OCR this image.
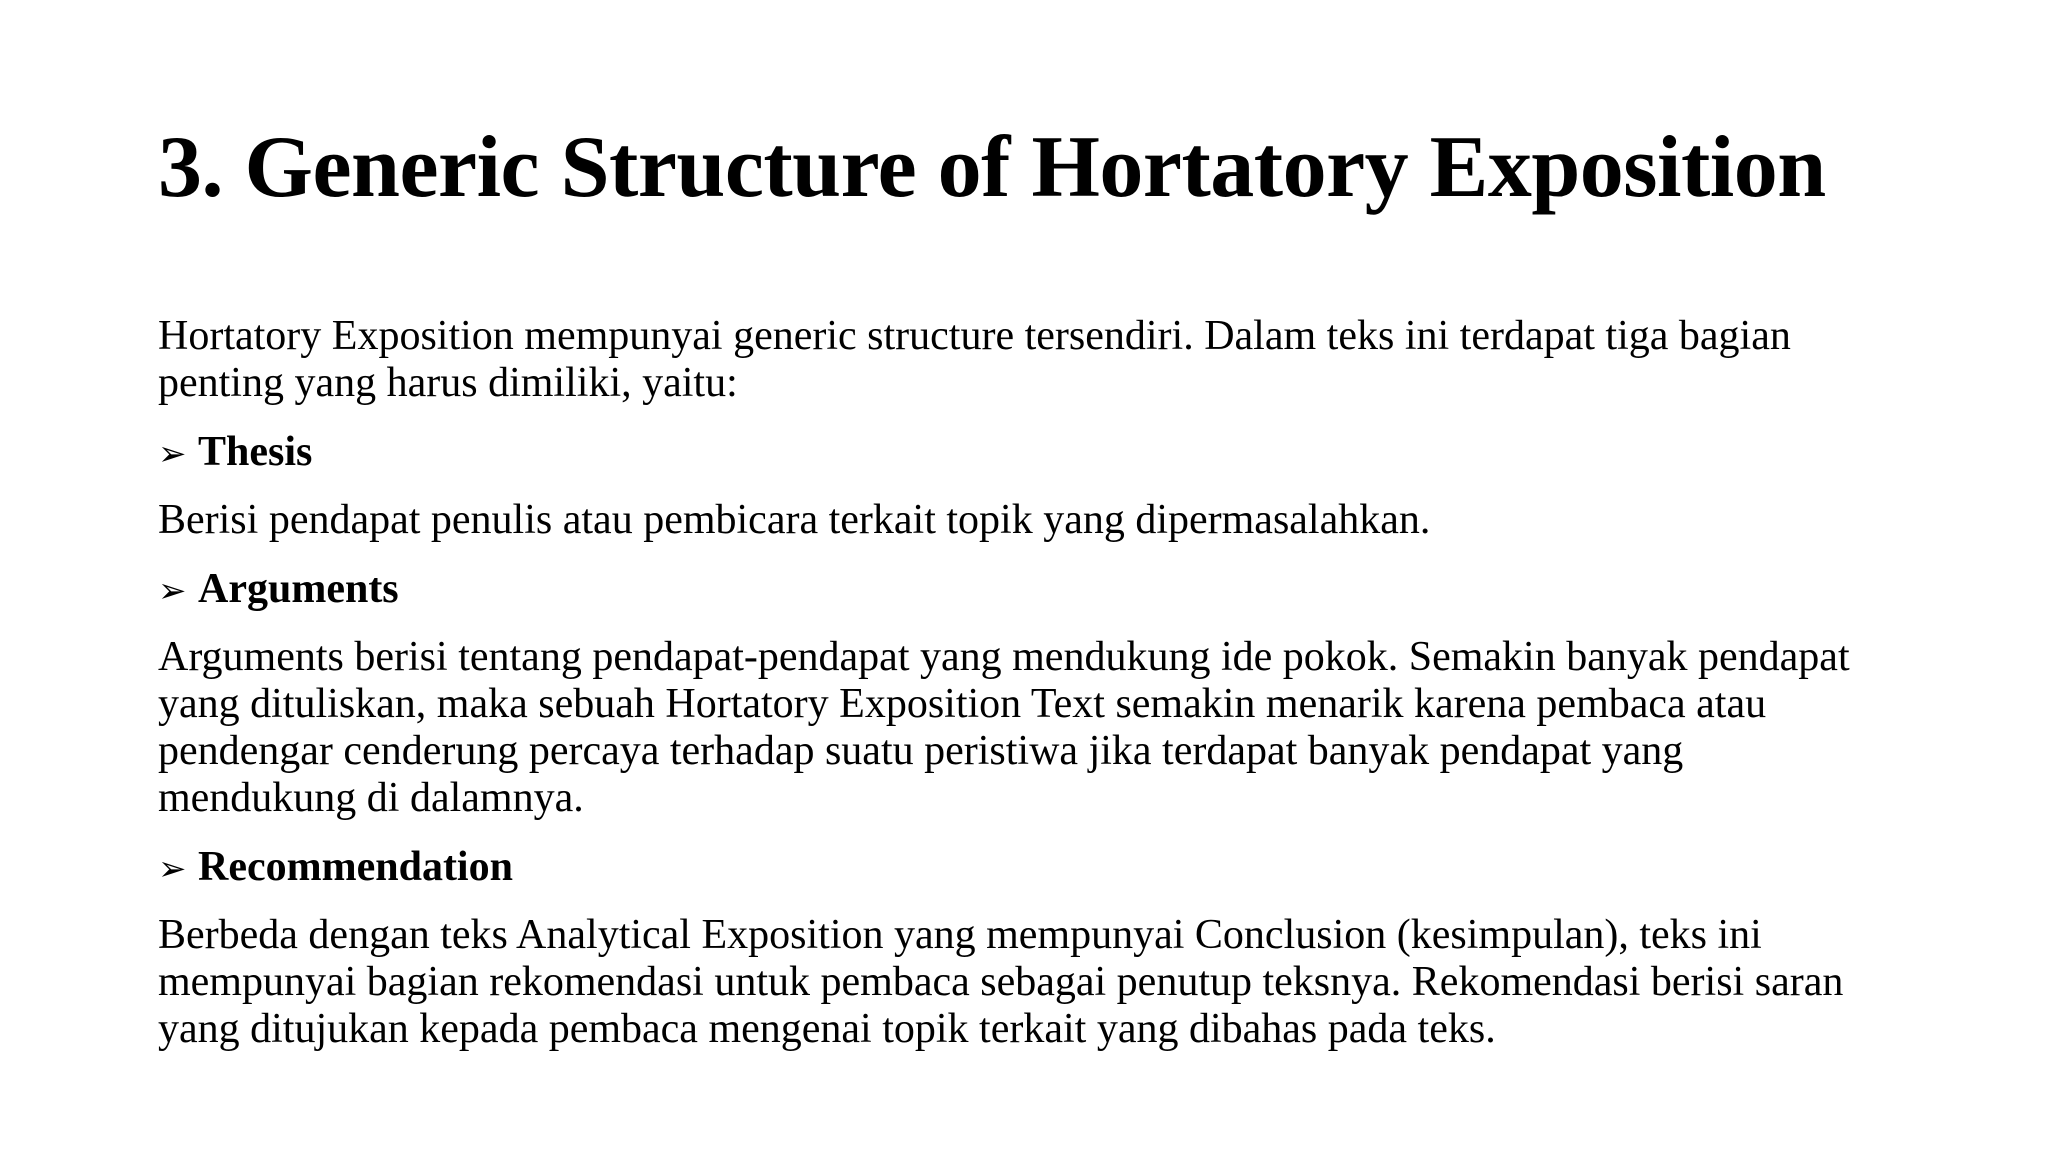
3. Generic Structure of Hortatory Exposition

Hortatory Exposition mempunyai generic structure tersendiri. Dalam teks ini terdapat tiga bagian
penting yang harus dimiliki, yaitu:

➢ Thesis

Berisi pendapat penulis atau pembicara terkait topik yang dipermasalahkan.

➢ Arguments

Arguments berisi tentang pendapat-pendapat yang mendukung ide pokok. Semakin banyak pendapat
yang dituliskan, maka sebuah Hortatory Exposition Text semakin menarik karena pembaca atau
pendengar cenderung percaya terhadap suatu peristiwa jika terdapat banyak pendapat yang
mendukung di dalamnya.

➢ Recommendation

Berbeda dengan teks Analytical Exposition yang mempunyai Conclusion (kesimpulan), teks ini
mempunyai bagian rekomendasi untuk pembaca sebagai penutup teksnya. Rekomendasi berisi saran
yang ditujukan kepada pembaca mengenai topik terkait yang dibahas pada teks.
